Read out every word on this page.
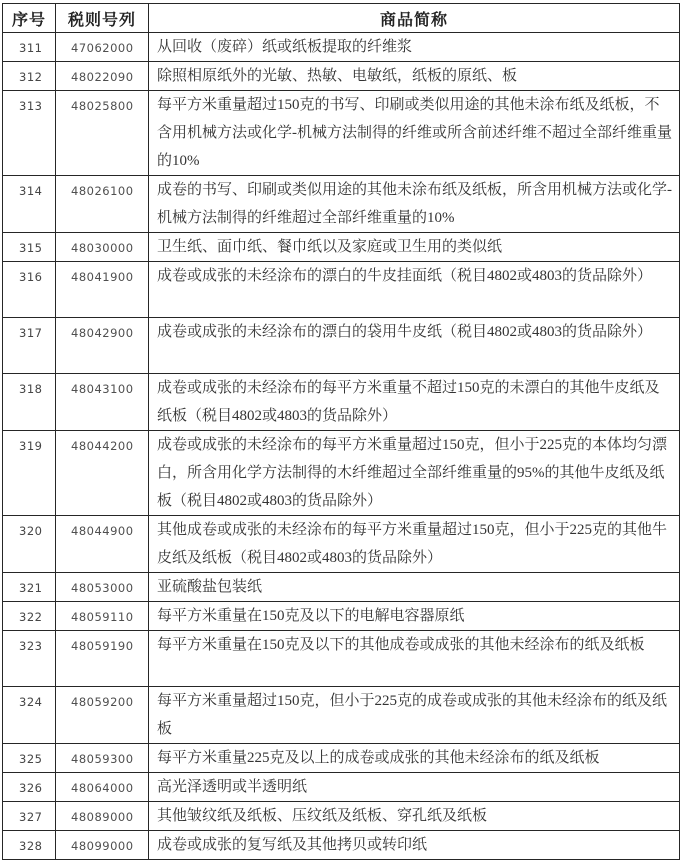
序号	税则号列	商品简称
311	47062000	从回收（废碎）纸或纸板提取的纤维浆
312	48022090	除照相原纸外的光敏、热敏、电敏纸，纸板的原纸、板
313	48025800	每平方米重量超过150克的书写、印刷或类似用途的其他未涂布纸及纸板，不含用机械方法或化学-机械方法制得的纤维或所含前述纤维不超过全部纤维重量的10%
314	48026100	成卷的书写、印刷或类似用途的其他未涂布纸及纸板，所含用机械方法或化学-机械方法制得的纤维超过全部纤维重量的10%
315	48030000	卫生纸、面巾纸、餐巾纸以及家庭或卫生用的类似纸
316	48041900	成卷或成张的未经涂布的漂白的牛皮挂面纸（税目4802或4803的货品除外）
317	48042900	成卷或成张的未经涂布的漂白的袋用牛皮纸（税目4802或4803的货品除外）
318	48043100	成卷或成张的未经涂布的每平方米重量不超过150克的未漂白的其他牛皮纸及纸板（税目4802或4803的货品除外）
319	48044200	成卷或成张的未经涂布的每平方米重量超过150克，但小于225克的本体均匀漂白，所含用化学方法制得的木纤维超过全部纤维重量的95%的其他牛皮纸及纸板（税目4802或4803的货品除外）
320	48044900	其他成卷或成张的未经涂布的每平方米重量超过150克，但小于225克的其他牛皮纸及纸板（税目4802或4803的货品除外）
321	48053000	亚硫酸盐包装纸
322	48059110	每平方米重量在150克及以下的电解电容器原纸
323	48059190	每平方米重量在150克及以下的其他成卷或成张的其他未经涂布的纸及纸板
324	48059200	每平方米重量超过150克，但小于225克的成卷或成张的其他未经涂布的纸及纸板
325	48059300	每平方米重量225克及以上的成卷或成张的其他未经涂布的纸及纸板
326	48064000	高光泽透明或半透明纸
327	48089000	其他皱纹纸及纸板、压纹纸及纸板、穿孔纸及纸板
328	48099000	成卷或成张的复写纸及其他拷贝或转印纸
